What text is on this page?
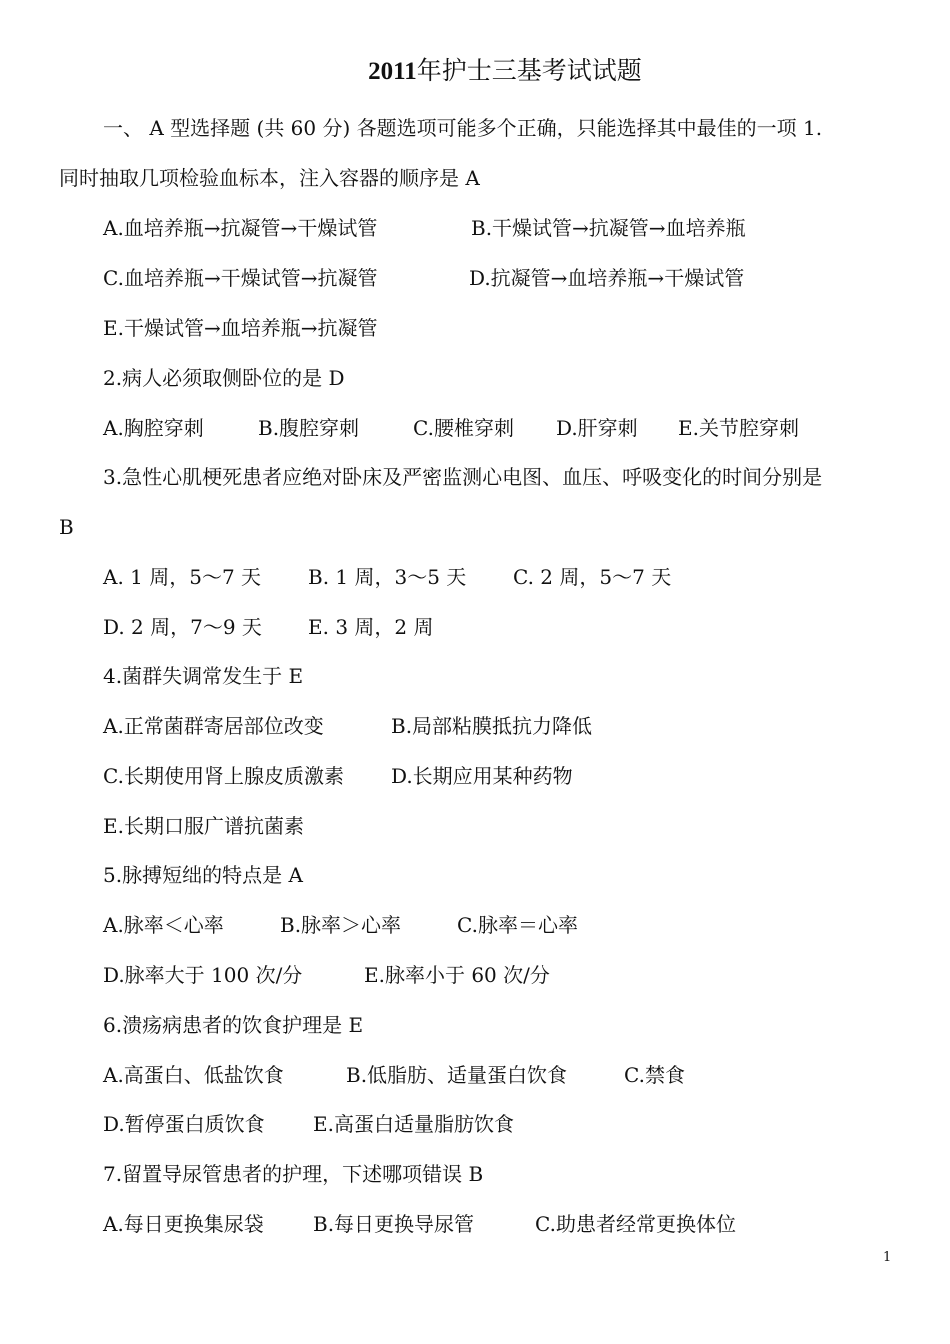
2011年护士三基考试试题
一、 A 型选择题 (共 60 分) 各题选项可能多个正确，只能选择其中最佳的一项 1.
同时抽取几项检验血标本，注入容器的顺序是 A
A.血培养瓶→抗凝管→干燥试管	B.干燥试管→抗凝管→血培养瓶
C.血培养瓶→干燥试管→抗凝管	D.抗凝管→血培养瓶→干燥试管
E.干燥试管→血培养瓶→抗凝管
2.病人必须取侧卧位的是 D
A.胸腔穿刺	B.腹腔穿刺	C.腰椎穿刺 D.肝穿刺 E.关节腔穿刺
3.急性心肌梗死患者应绝对卧床及严密监测心电图、血压、呼吸变化的时间分别是
B
A. 1 周，5～7 天 B. 1 周，3～5 天 C. 2 周，5～7 天
D. 2 周，7～9 天 E. 3 周，2 周
4.菌群失调常发生于 E
A.正常菌群寄居部位改变	B.局部粘膜抵抗力降低
C.长期使用肾上腺皮质激素 D.长期应用某种药物
E.长期口服广谱抗菌素
5.脉搏短绌的特点是 A
A.脉率＜心率	B.脉率＞心率	C.脉率＝心率
D.脉率大于 100 次/分	E.脉率小于 60 次/分
6.溃疡病患者的饮食护理是 E
A.高蛋白、低盐饮食	B.低脂肪、适量蛋白饮食	C.禁食
D.暂停蛋白质饮食 E.高蛋白适量脂肪饮食
7.留置导尿管患者的护理，下述哪项错误 B
A.每日更换集尿袋 B.每日更换导尿管	C.助患者经常更换体位
1
